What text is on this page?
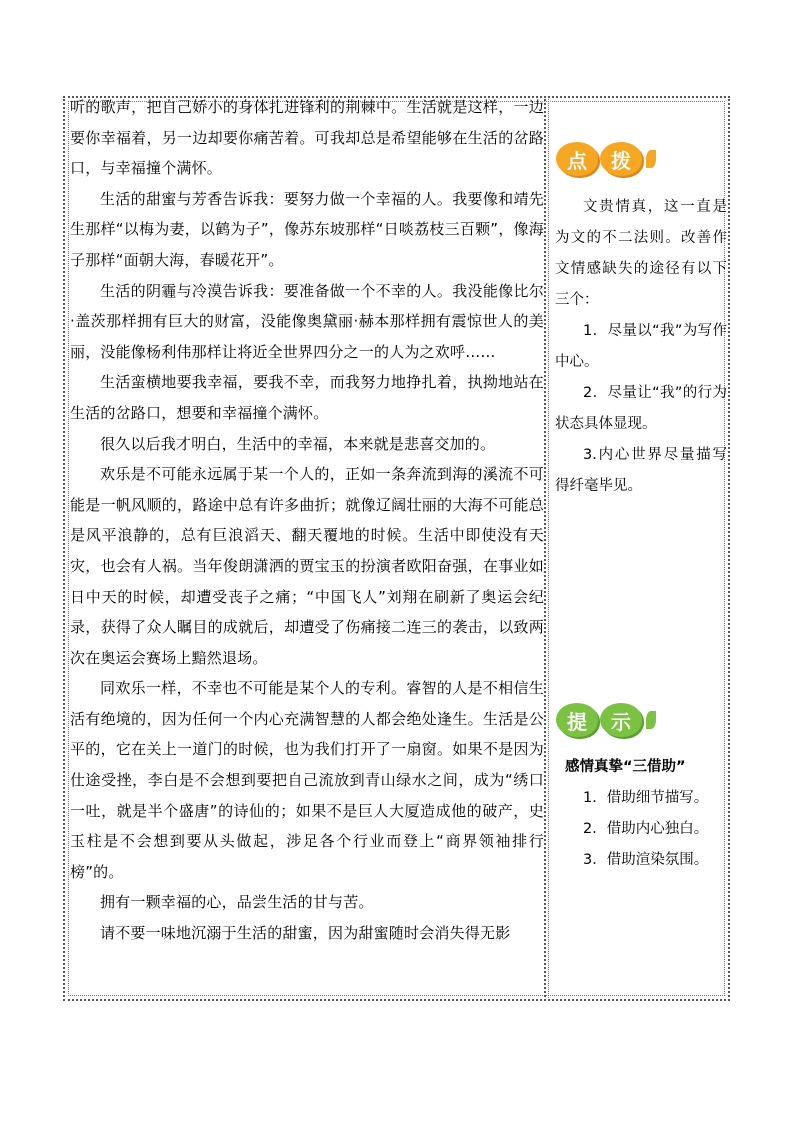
听的歌声，把自己娇小的身体扎进锋利的荆棘中。生活就是这样，一边要你幸福着，另一边却要你痛苦着。可我却总是希望能够在生活的岔路口，与幸福撞个满怀。

生活的甜蜜与芳香告诉我：要努力做一个幸福的人。我要像和靖先生那样“以梅为妻，以鹤为子”，像苏东坡那样“日啖荔枝三百颗”，像海子那样“面朝大海，春暖花开”。

生活的阴霾与冷漠告诉我：要准备做一个不幸的人。我没能像比尔·盖茨那样拥有巨大的财富，没能像奥黛丽·赫本那样拥有震惊世人的美丽，没能像杨利伟那样让将近全世界四分之一的人为之欢呼……

生活蛮横地要我幸福，要我不幸，而我努力地挣扎着，执拗地站在生活的岔路口，想要和幸福撞个满怀。

很久以后我才明白，生活中的幸福，本来就是悲喜交加的。

欢乐是不可能永远属于某一个人的，正如一条奔流到海的溪流不可能是一帆风顺的，路途中总有许多曲折；就像辽阔壮丽的大海不可能总是风平浪静的，总有巨浪滔天、翻天覆地的时候。生活中即使没有天灾，也会有人祸。当年俊朗潇洒的贾宝玉的扮演者欧阳奋强，在事业如日中天的时候，却遭受丧子之痛；“中国飞人”刘翔在刷新了奥运会纪录，获得了众人瞩目的成就后，却遭受了伤痛接二连三的袭击，以致两次在奥运会赛场上黯然退场。

同欢乐一样，不幸也不可能是某个人的专利。睿智的人是不相信生活有绝境的，因为任何一个内心充满智慧的人都会绝处逢生。生活是公平的，它在关上一道门的时候，也为我们打开了一扇窗。如果不是因为仕途受挫，李白是不会想到要把自己流放到青山绿水之间，成为“绣口一吐，就是半个盛唐”的诗仙的；如果不是巨人大厦造成他的破产，史玉柱是不会想到要从头做起，涉足各个行业而登上“商界领袖排行榜”的。

拥有一颗幸福的心，品尝生活的甘与苦。

请不要一味地沉溺于生活的甜蜜，因为甜蜜随时会消失得无影

点	拨

文贵情真，这一直是为文的不二法则。改善作文情感缺失的途径有以下三个：

1．尽量以“我”为写作中心。

2．尽量让“我”的行为状态具体显现。

3.内心世界尽量描写得纤毫毕见。

提	示

感情真挚“三借助”

1．借助细节描写。

2．借助内心独白。

3．借助渲染氛围。
